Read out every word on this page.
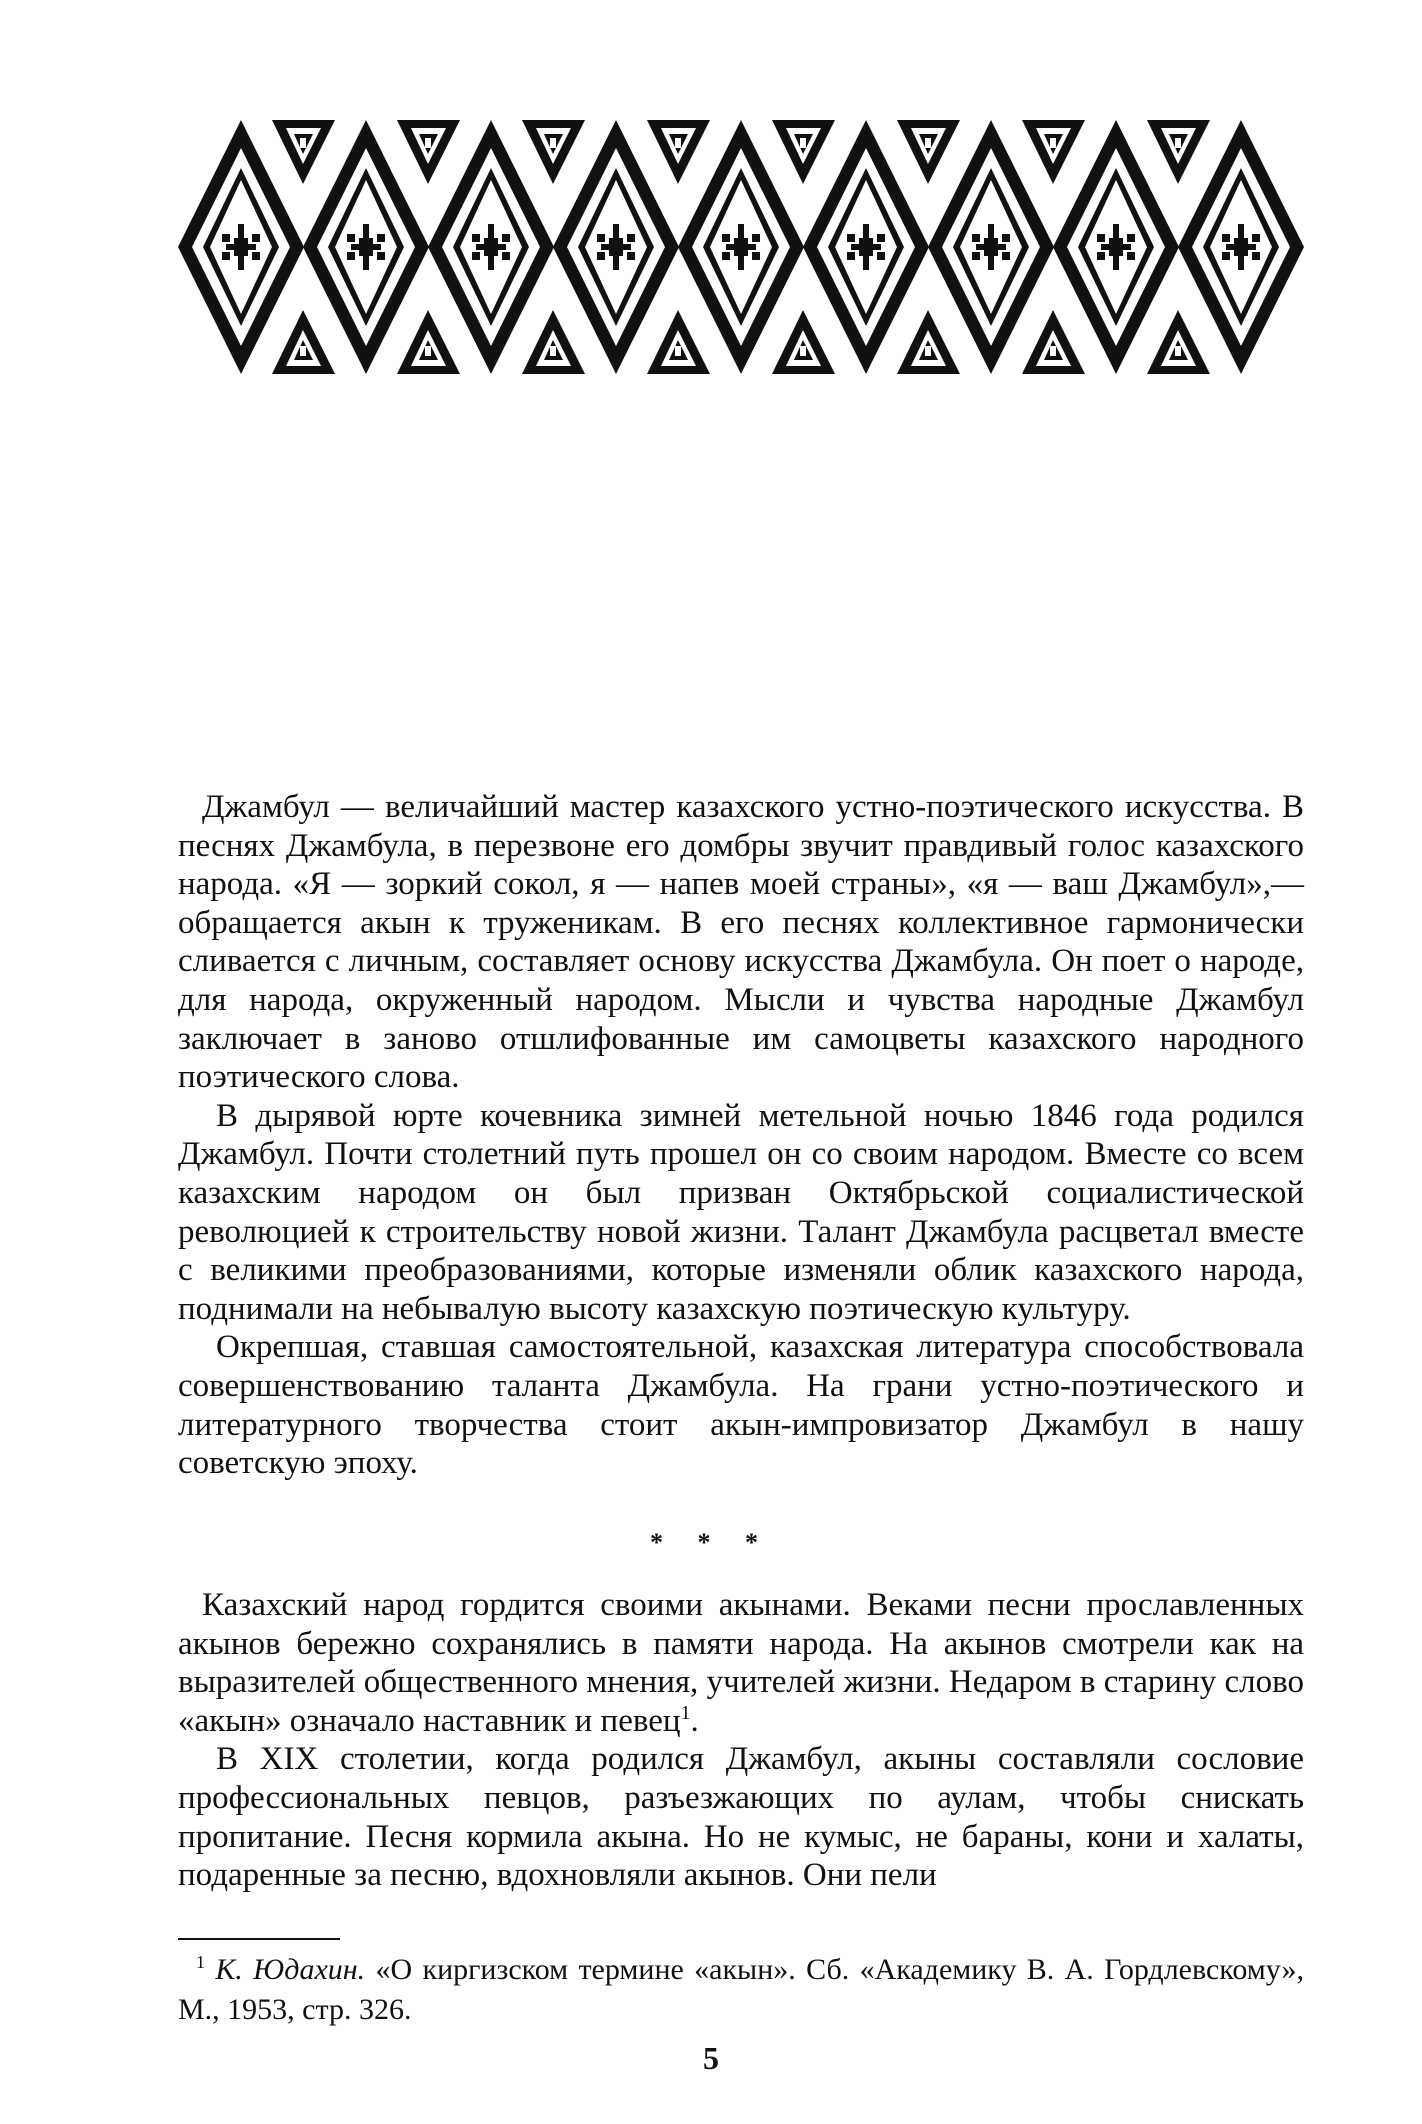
Джамбул — величайший мастер казахского устно-поэтического искусства. В песнях Джамбула, в перезвоне его домбры звучит правдивый голос казахского народа. «Я — зоркий сокол, я — напев моей страны», «я — ваш Джамбул»,— обращается акын к труженикам. В его песнях коллективное гармонически сливается с личным, составляет основу искусства Джамбула. Он поет о народе, для народа, окруженный народом. Мысли и чувства народные Джамбул заключает в заново отшлифованные им самоцветы казахского народного поэтического слова.

В дырявой юрте кочевника зимней метельной ночью 1846 года родился Джамбул. Почти столетний путь прошел он со своим народом. Вместе со всем казахским народом он был призван Октябрьской социалистической революцией к строительству новой жизни. Талант Джамбула расцветал вместе с великими преобразованиями, которые изменяли облик казахского народа, поднимали на небывалую высоту казахскую поэтическую культуру.

Окрепшая, ставшая самостоятельной, казахская литература способствовала совершенствованию таланта Джамбула. На грани устно-поэтического и литературного творчества стоит акын-импровизатор Джамбул в нашу советскую эпоху.

* * *

Казахский народ гордится своими акынами. Веками песни прославленных акынов бережно сохранялись в памяти народа. На акынов смотрели как на выразителей общественного мнения, учителей жизни. Недаром в старину слово «акын» означало наставник и певец$^1$.

В XIX столетии, когда родился Джамбул, акыны составляли сословие профессиональных певцов, разъезжающих по аулам, чтобы снискать пропитание. Песня кормила акына. Но не кумыс, не бараны, кони и халаты, подаренные за песню, вдохновляли акынов. Они пели

$^1$ К. Юдахин. «О киргизском термине «акын». Сб. «Академику В. А. Гордлевскому», М., 1953, стр. 326.

5
